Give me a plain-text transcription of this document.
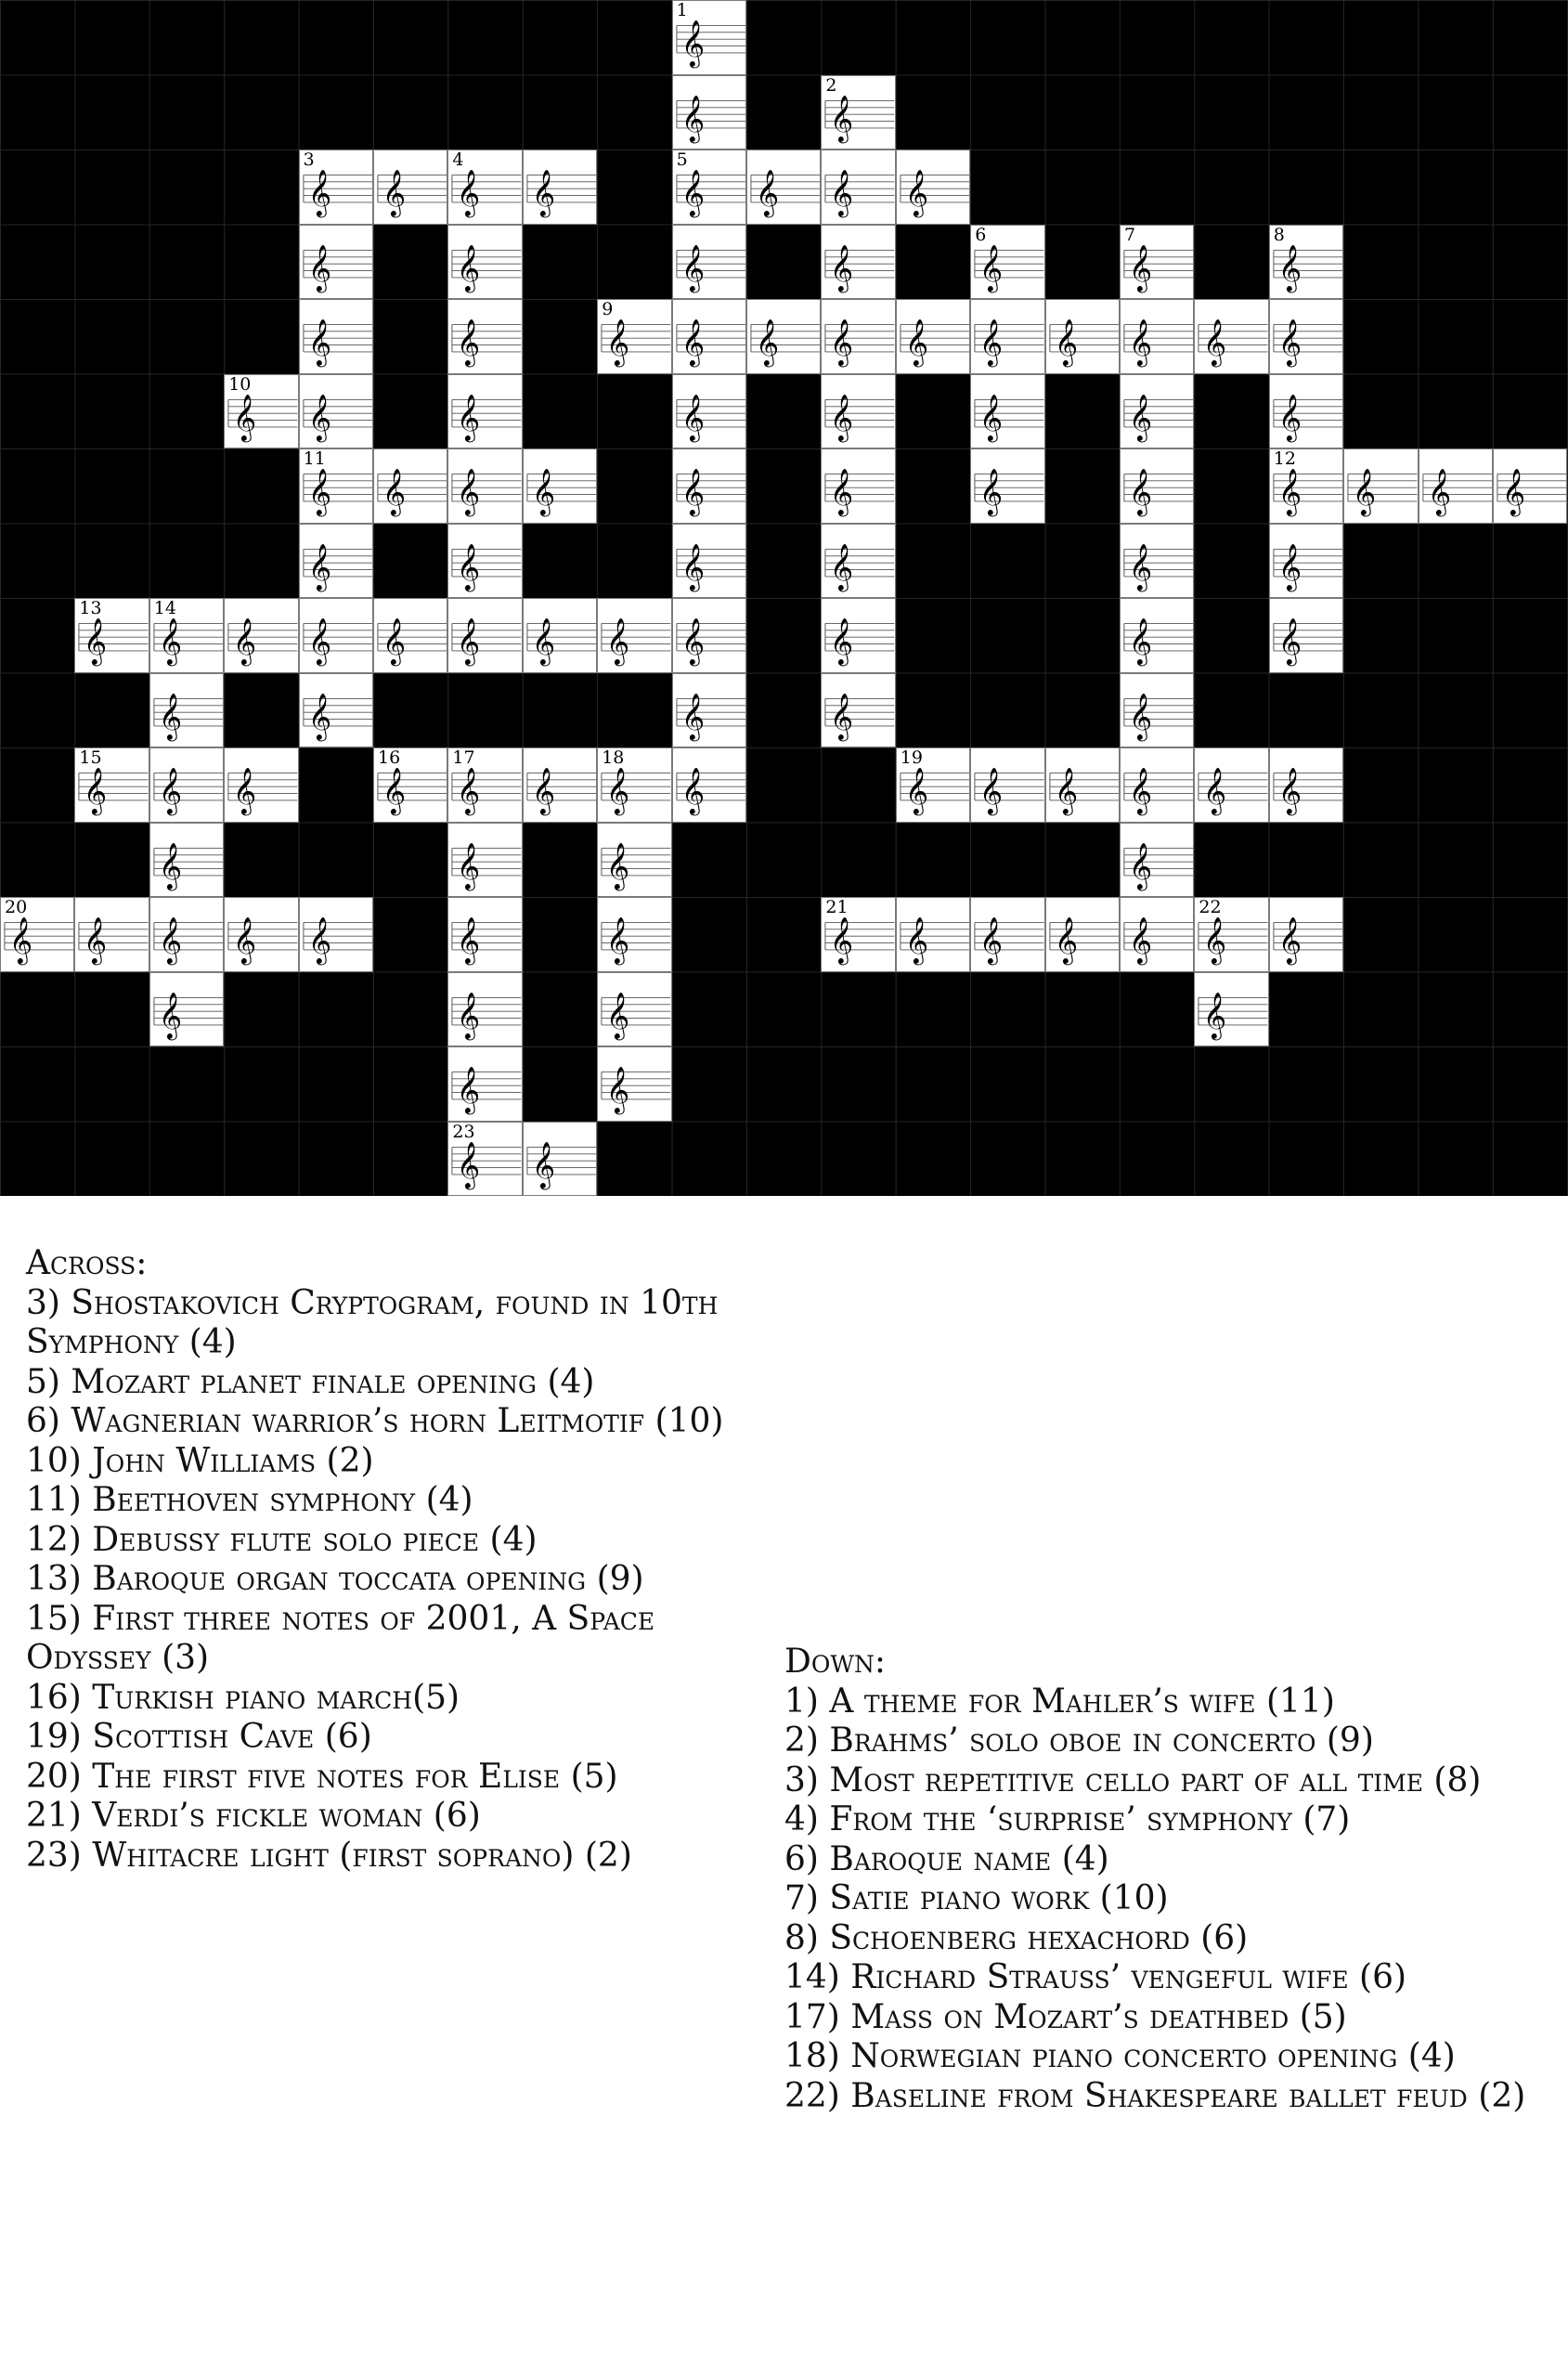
𝄞
1
𝄞	𝄞
2
𝄞
3
𝄞 𝄞
4
𝄞	𝄞
5
𝄞 𝄞 𝄞
𝄞	𝄞	𝄞	𝄞	𝄞
6
𝄞
7
𝄞
8
𝄞	𝄞	𝄞
9
𝄞 𝄞 𝄞 𝄞 𝄞 𝄞 𝄞 𝄞 𝄞
𝄞
10
𝄞	𝄞	𝄞	𝄞	𝄞	𝄞	𝄞
𝄞
11
𝄞 𝄞 𝄞	𝄞	𝄞	𝄞	𝄞	𝄞
12
𝄞 𝄞 𝄞
𝄞	𝄞	𝄞	𝄞	𝄞	𝄞
𝄞
13
𝄞
14
𝄞 𝄞 𝄞 𝄞 𝄞 𝄞 𝄞	𝄞	𝄞	𝄞
𝄞	𝄞	𝄞	𝄞	𝄞
𝄞
15
𝄞 𝄞	𝄞
16
𝄞
17
𝄞 𝄞
18
𝄞	𝄞
19
𝄞 𝄞 𝄞 𝄞 𝄞
𝄞	𝄞	𝄞	𝄞
𝄞
20
𝄞 𝄞 𝄞 𝄞	𝄞	𝄞	𝄞
21
𝄞 𝄞 𝄞 𝄞 𝄞
22
𝄞
𝄞	𝄞	𝄞	𝄞
𝄞	𝄞
𝄞
23
𝄞
Across:
3) Shostakovich Cryptogram, found in 10th Symphony (4)
5) Mozart planet finale opening (4)
6) Wagnerian warrior’s horn Leitmotif (10)
10) John Williams (2)
11) Beethoven symphony (4)
12) Debussy flute solo piece (4)
13) Baroque organ toccata opening (9)
15) First three notes of 2001, A Space Odyssey (3)
16) Turkish piano march(5)
19) Scottish Cave (6)
20) The first five notes for Elise (5)
21) Verdi’s fickle woman (6)
23) Whitacre light (first soprano) (2)
Down:
1) A theme for Mahler’s wife (11)
2) Brahms’ solo oboe in concerto (9)
3) Most repetitive cello part of all time (8)
4) From the ‘surprise’ symphony (7)
6) Baroque name (4)
7) Satie piano work (10)
8) Schoenberg hexachord (6)
14) Richard Strauss’ vengeful wife (6)
17) Mass on Mozart’s deathbed (5)
18) Norwegian piano concerto opening (4)
22) Baseline from Shakespeare ballet feud (2)
